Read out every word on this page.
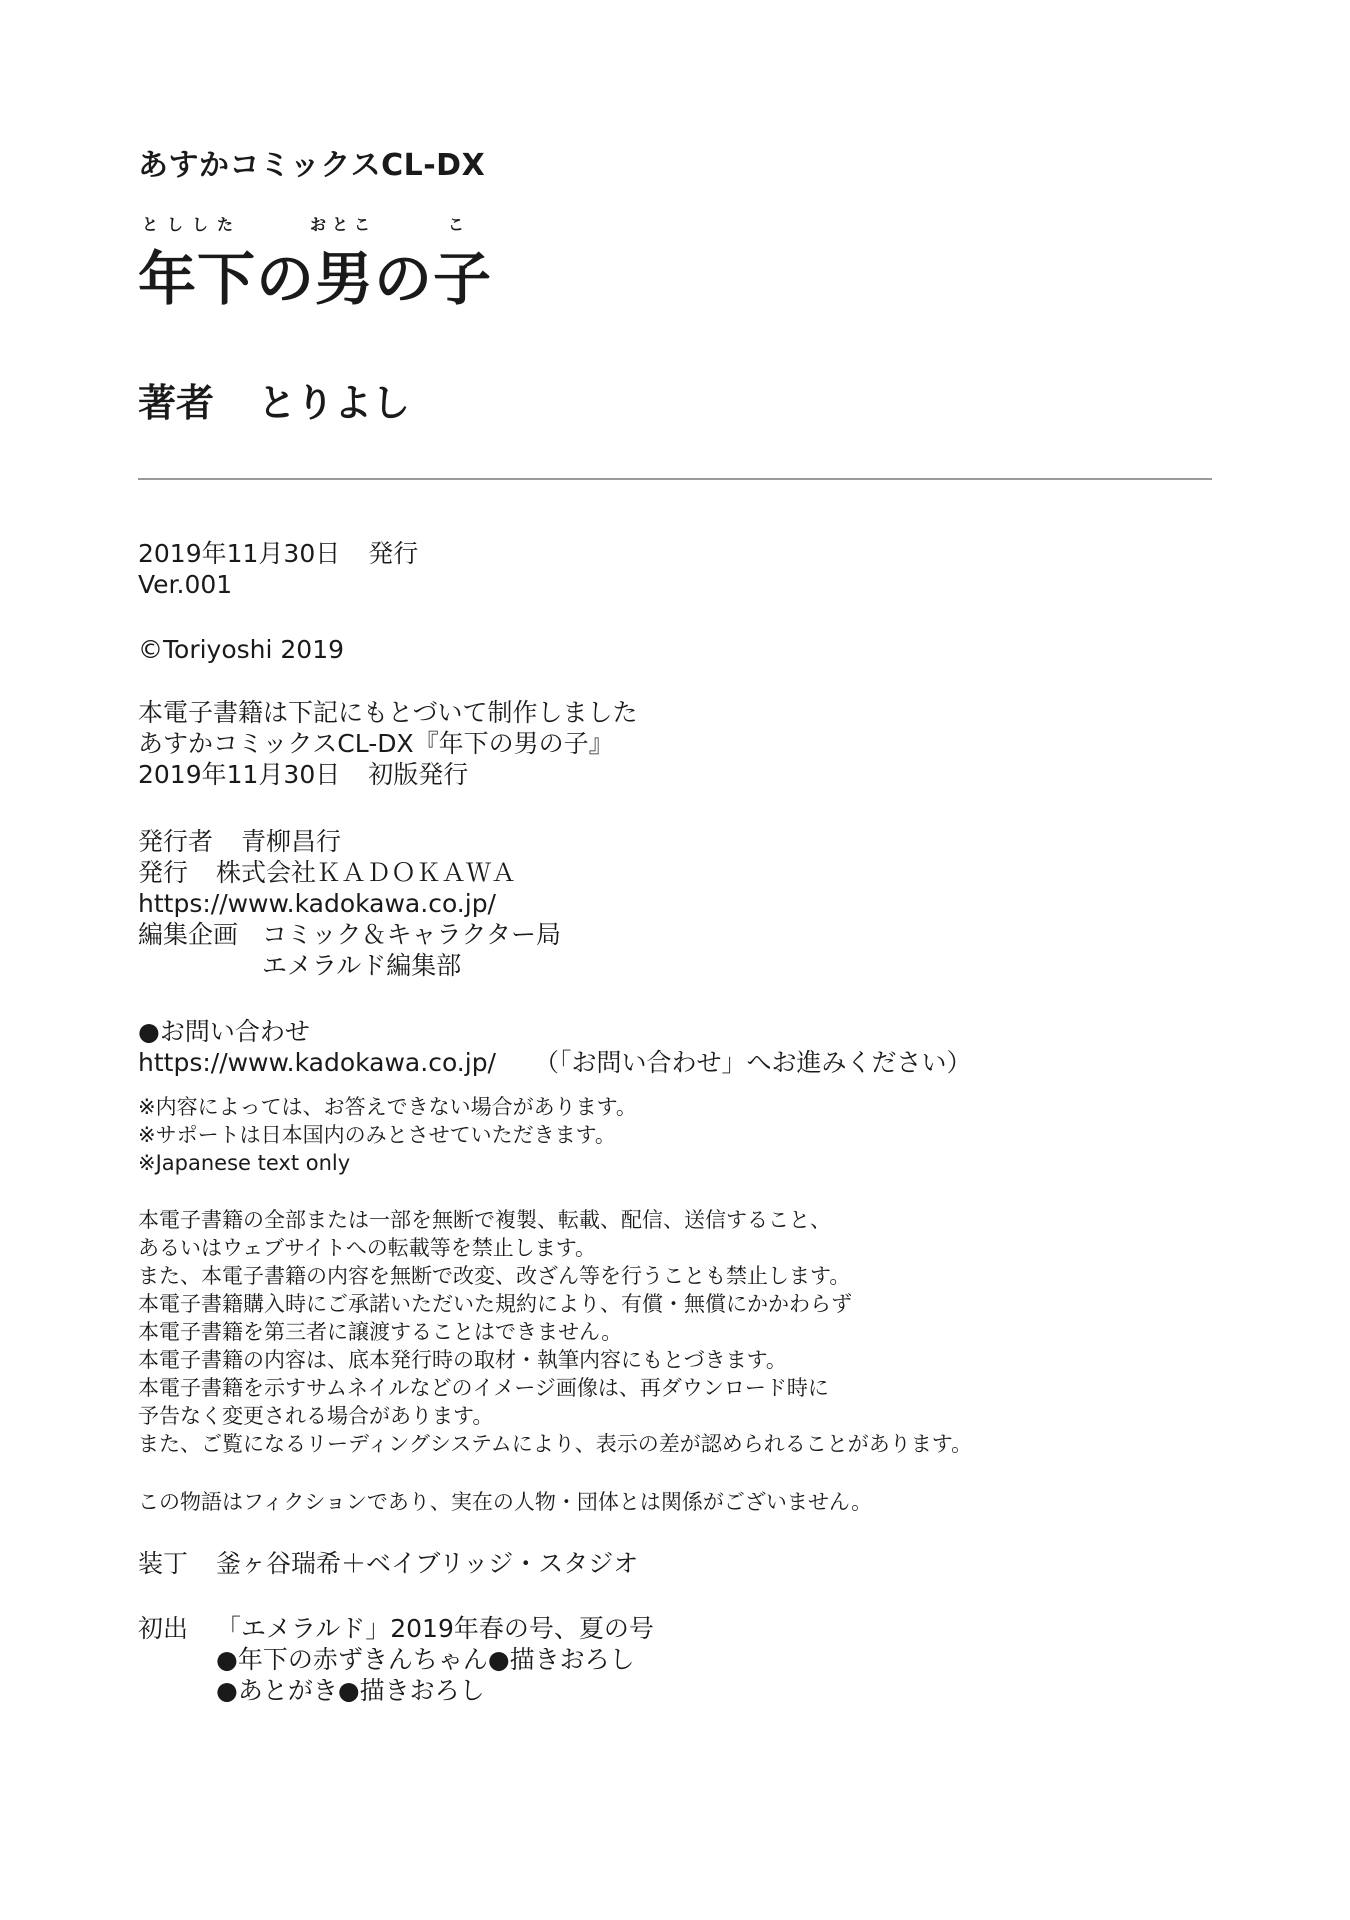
あすかコミックスCL-DX
としした	おとこ	こ
年下の男の子
著者 とりよし
2019年11月30日 発行
Ver.001
©Toriyoshi 2019
本電子書籍は下記にもとづいて制作しました
あすかコミックスCL-DX『年下の男の子』
2019年11月30日 初版発行
発行者 青柳昌行
発行 株式会社ＫＡＤＯＫＡＷＡ
https://www.kadokawa.co.jp/
編集企画 コミック＆キャラクター局
エメラルド編集部
●お問い合わせ
https://www.kadokawa.co.jp/ （「お問い合わせ」へお進みください）
※内容によっては、お答えできない場合があります。
※サポートは日本国内のみとさせていただきます。
※Japanese text only
本電子書籍の全部または一部を無断で複製、転載、配信、送信すること、
あるいはウェブサイトへの転載等を禁止します。
また、本電子書籍の内容を無断で改変、改ざん等を行うことも禁止します。
本電子書籍購入時にご承諾いただいた規約により、有償・無償にかかわらず
本電子書籍を第三者に譲渡することはできません。
本電子書籍の内容は、底本発行時の取材・執筆内容にもとづきます。
本電子書籍を示すサムネイルなどのイメージ画像は、再ダウンロード時に
予告なく変更される場合があります。
また、ご覧になるリーディングシステムにより、表示の差が認められることがあります。
この物語はフィクションであり、実在の人物・団体とは関係がございません。
装丁 釜ヶ谷瑞希＋ベイブリッジ・スタジオ
初出 「エメラルド」2019年春の号、夏の号
●年下の赤ずきんちゃん●描きおろし
●あとがき●描きおろし
